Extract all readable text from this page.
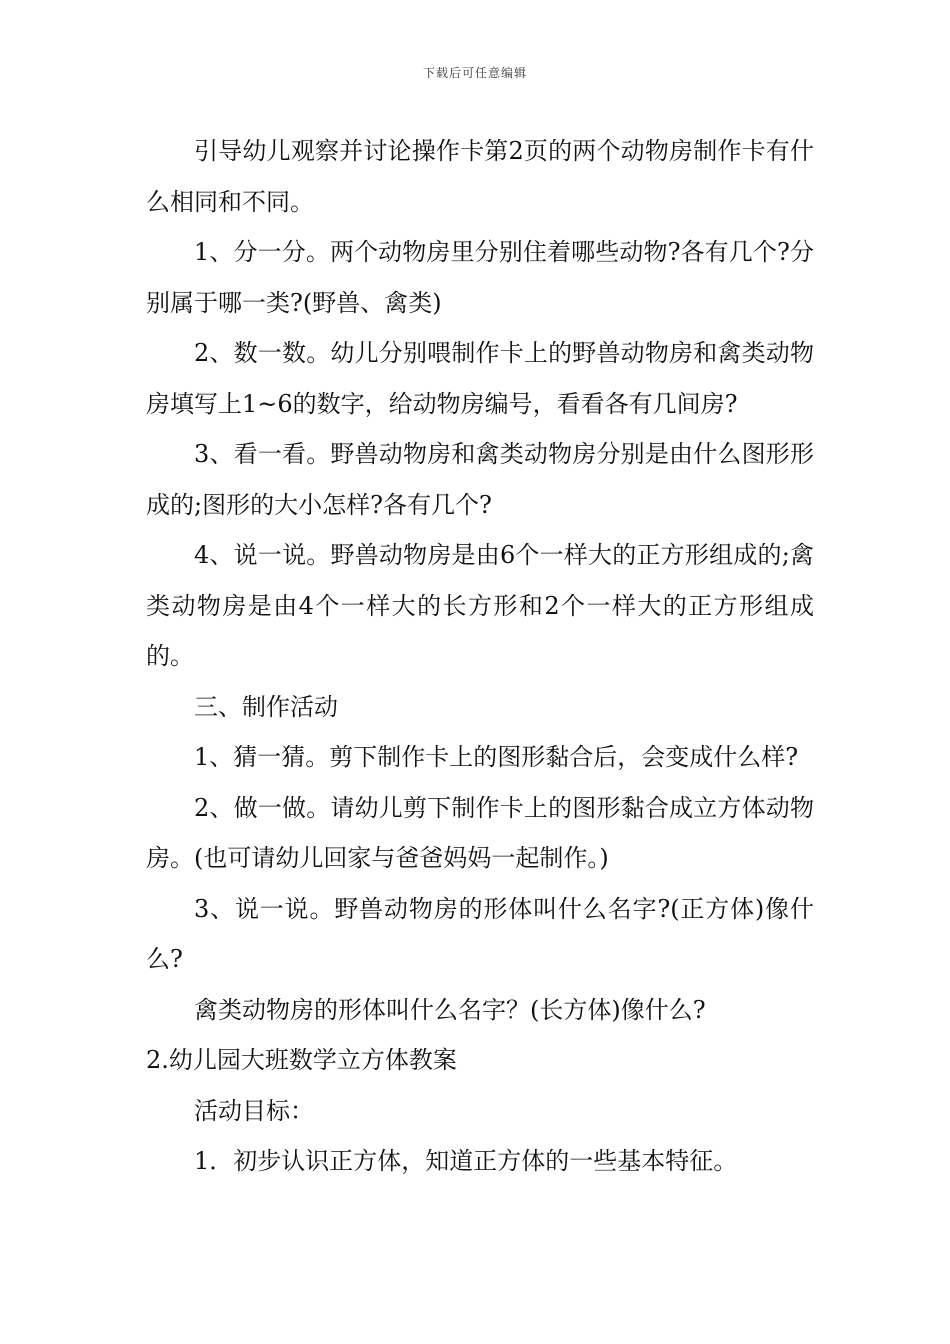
下载后可任意编辑

引导幼儿观察并讨论操作卡第2页的两个动物房制作卡有什么相同和不同。

1、分一分。两个动物房里分别住着哪些动物?各有几个?分别属于哪一类?(野兽、禽类)

2、数一数。幼儿分别喂制作卡上的野兽动物房和禽类动物房填写上1~6的数字，给动物房编号，看看各有几间房?

3、看一看。野兽动物房和禽类动物房分别是由什么图形形成的;图形的大小怎样?各有几个?

4、说一说。野兽动物房是由6个一样大的正方形组成的;禽类动物房是由4个一样大的长方形和2个一样大的正方形组成的。

三、制作活动

1、猜一猜。剪下制作卡上的图形黏合后，会变成什么样?

2、做一做。请幼儿剪下制作卡上的图形黏合成立方体动物房。(也可请幼儿回家与爸爸妈妈一起制作。)

3、说一说。野兽动物房的形体叫什么名字?(正方体)像什么?

禽类动物房的形体叫什么名字？(长方体)像什么?

2.幼儿园大班数学立方体教案

活动目标：

1．初步认识正方体，知道正方体的一些基本特征。
